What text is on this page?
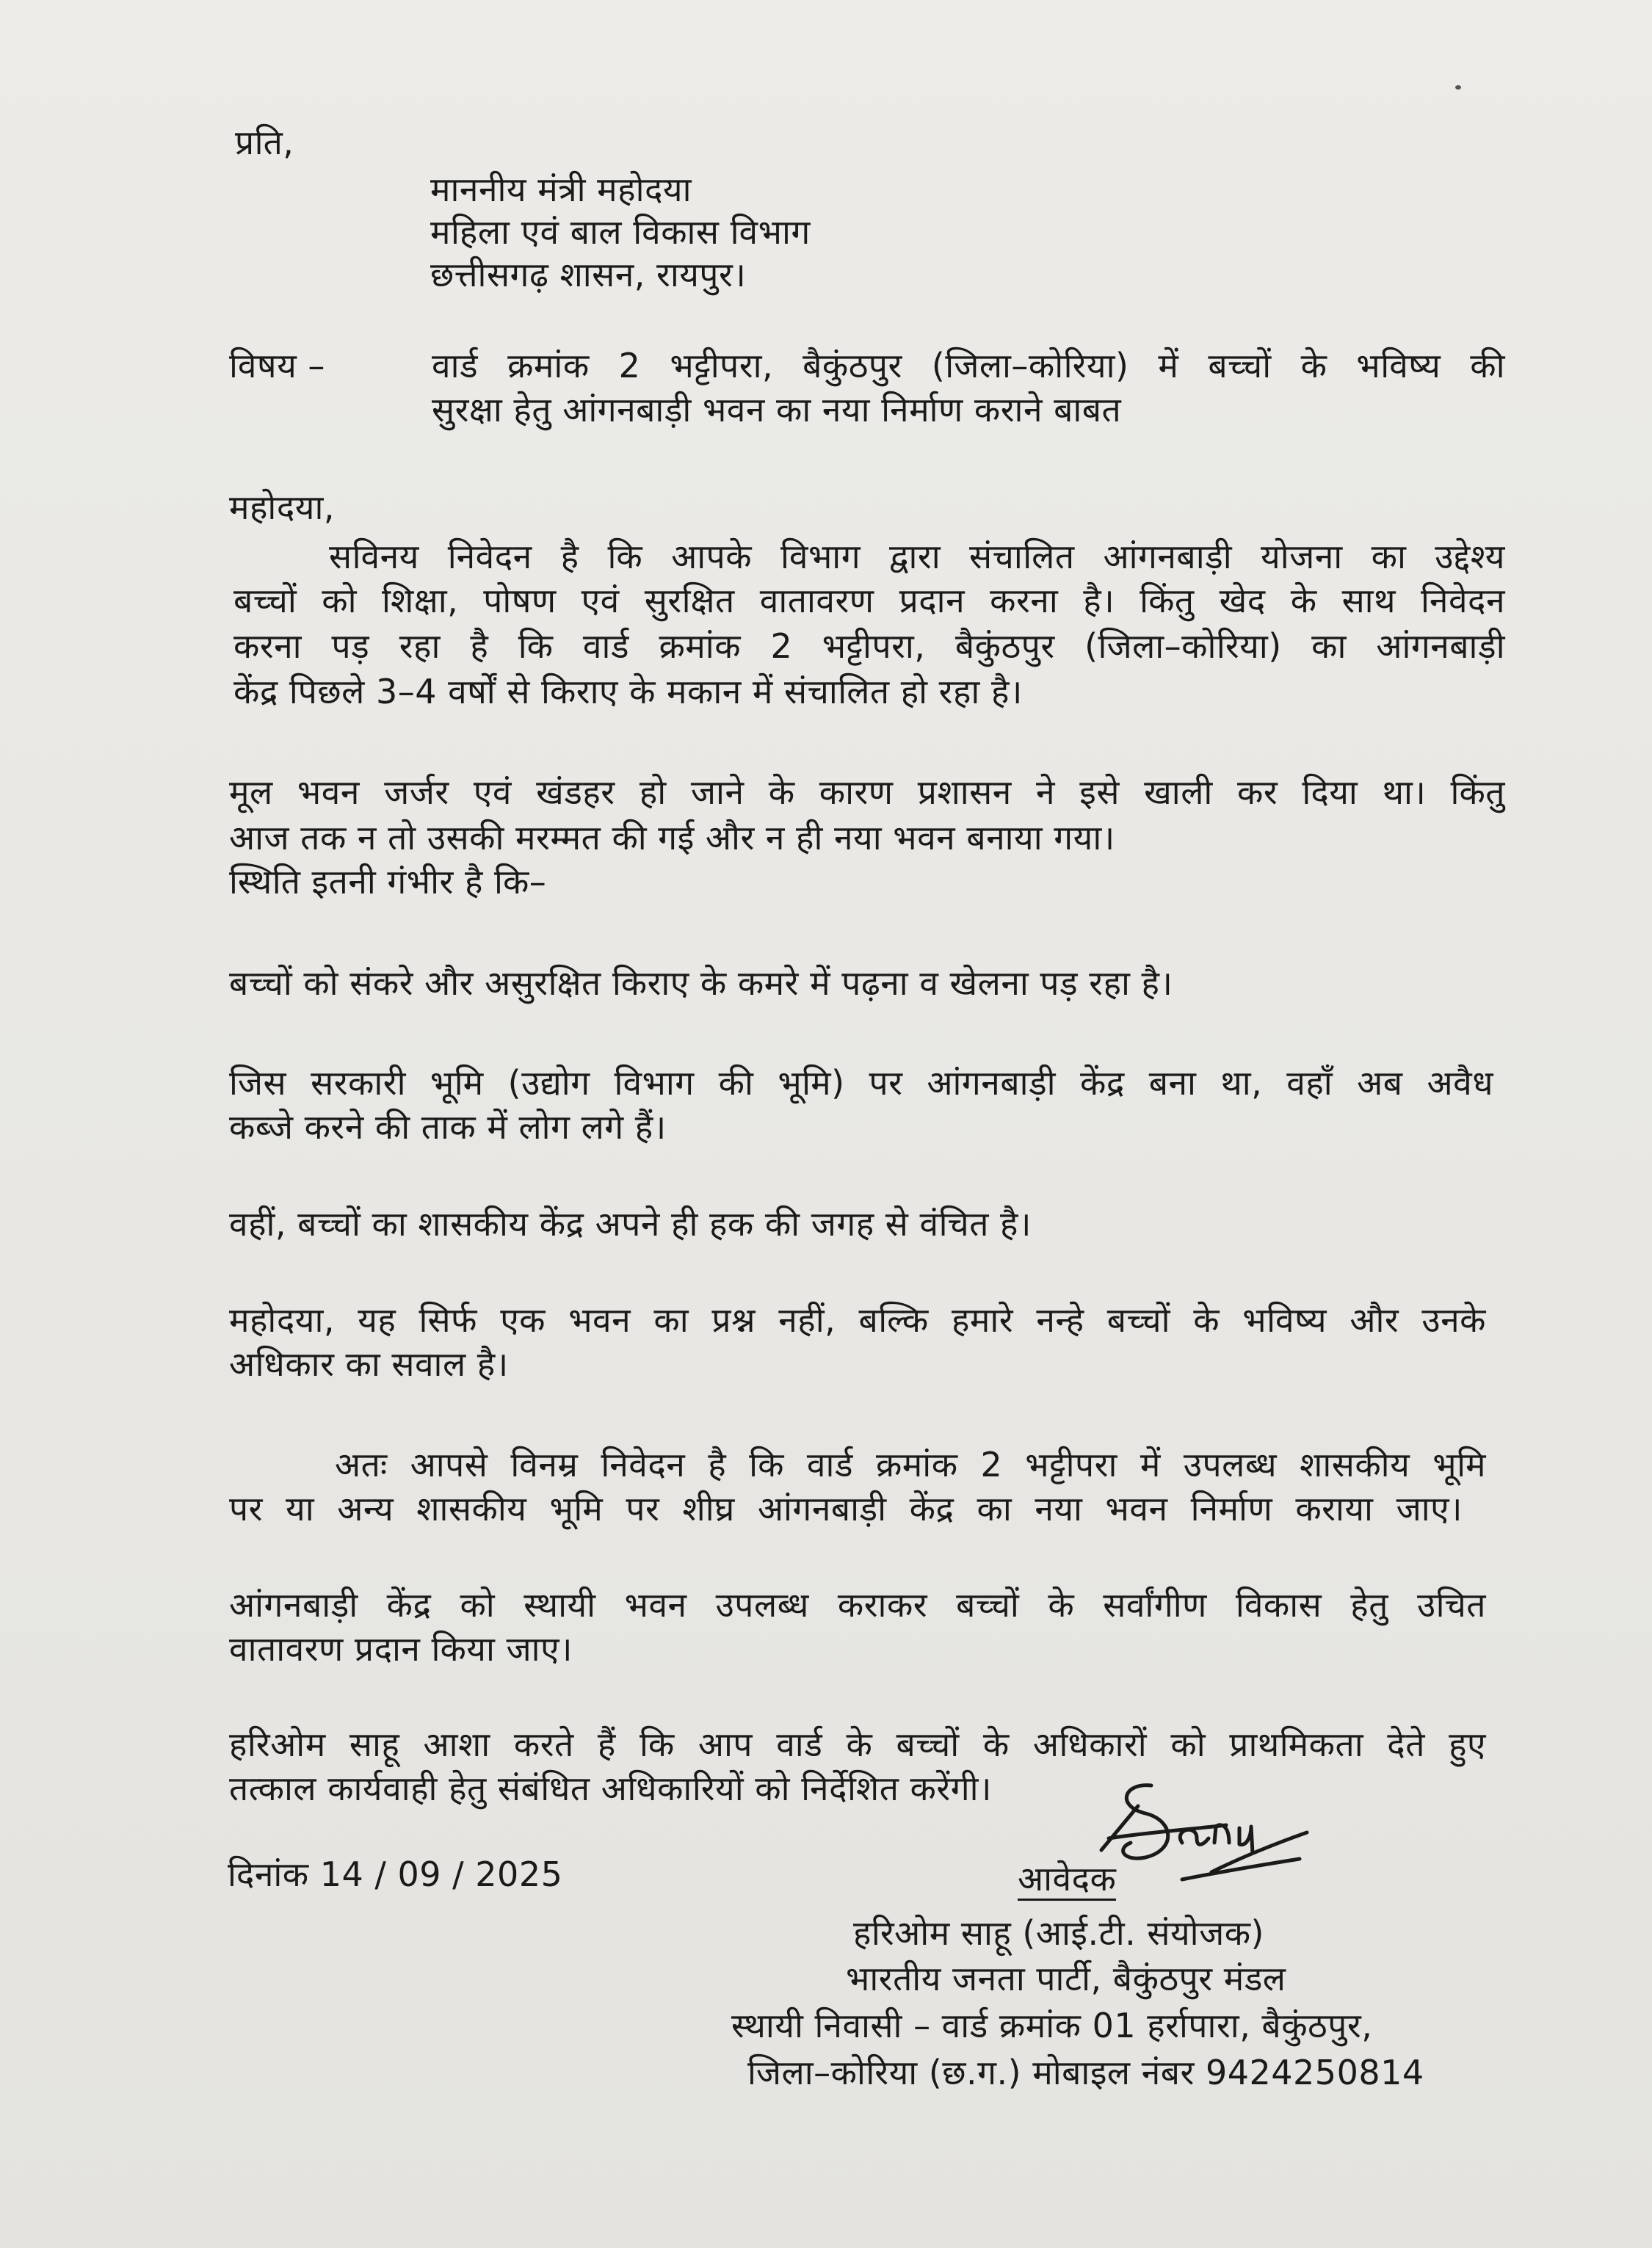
प्रति,
माननीय मंत्री महोदया
महिला एवं बाल विकास विभाग
छत्तीसगढ़ शासन, रायपुर।
विषय –	वार्ड क्रमांक 2 भट्टीपरा, बैकुंठपुर (जिला–कोरिया) में बच्चों के भविष्य की
सुरक्षा हेतु आंगनबाड़ी भवन का नया निर्माण कराने बाबत
महोदया,
सविनय निवेदन है कि आपके विभाग द्वारा संचालित आंगनबाड़ी योजना का उद्देश्य
बच्चों को शिक्षा, पोषण एवं सुरक्षित वातावरण प्रदान करना है। किंतु खेद के साथ निवेदन
करना पड़ रहा है कि वार्ड क्रमांक 2 भट्टीपरा, बैकुंठपुर (जिला–कोरिया) का आंगनबाड़ी
केंद्र पिछले 3–4 वर्षों से किराए के मकान में संचालित हो रहा है।
मूल भवन जर्जर एवं खंडहर हो जाने के कारण प्रशासन ने इसे खाली कर दिया था। किंतु
आज तक न तो उसकी मरम्मत की गई और न ही नया भवन बनाया गया।
स्थिति इतनी गंभीर है कि–
बच्चों को संकरे और असुरक्षित किराए के कमरे में पढ़ना व खेलना पड़ रहा है।
जिस सरकारी भूमि (उद्योग विभाग की भूमि) पर आंगनबाड़ी केंद्र बना था, वहाँ अब अवैध
कब्जे करने की ताक में लोग लगे हैं।
वहीं, बच्चों का शासकीय केंद्र अपने ही हक की जगह से वंचित है।
महोदया, यह सिर्फ एक भवन का प्रश्न नहीं, बल्कि हमारे नन्हे बच्चों के भविष्य और उनके
अधिकार का सवाल है।
अतः आपसे विनम्र निवेदन है कि वार्ड क्रमांक 2 भट्टीपरा में उपलब्ध शासकीय भूमि
पर या अन्य शासकीय भूमि पर शीघ्र आंगनबाड़ी केंद्र का नया भवन निर्माण कराया जाए।
आंगनबाड़ी केंद्र को स्थायी भवन उपलब्ध कराकर बच्चों के सर्वांगीण विकास हेतु उचित
वातावरण प्रदान किया जाए।
हरिओम साहू आशा करते हैं कि आप वार्ड के बच्चों के अधिकारों को प्राथमिकता देते हुए
तत्काल कार्यवाही हेतु संबंधित अधिकारियों को निर्देशित करेंगी।
दिनांक 14 / 09 / 2025	आवेदक
हरिओम साहू (आई.टी. संयोजक)
भारतीय जनता पार्टी, बैकुंठपुर मंडल
स्थायी निवासी – वार्ड क्रमांक 01 हर्रापारा, बैकुंठपुर,
जिला–कोरिया (छ.ग.) मोबाइल नंबर 9424250814
